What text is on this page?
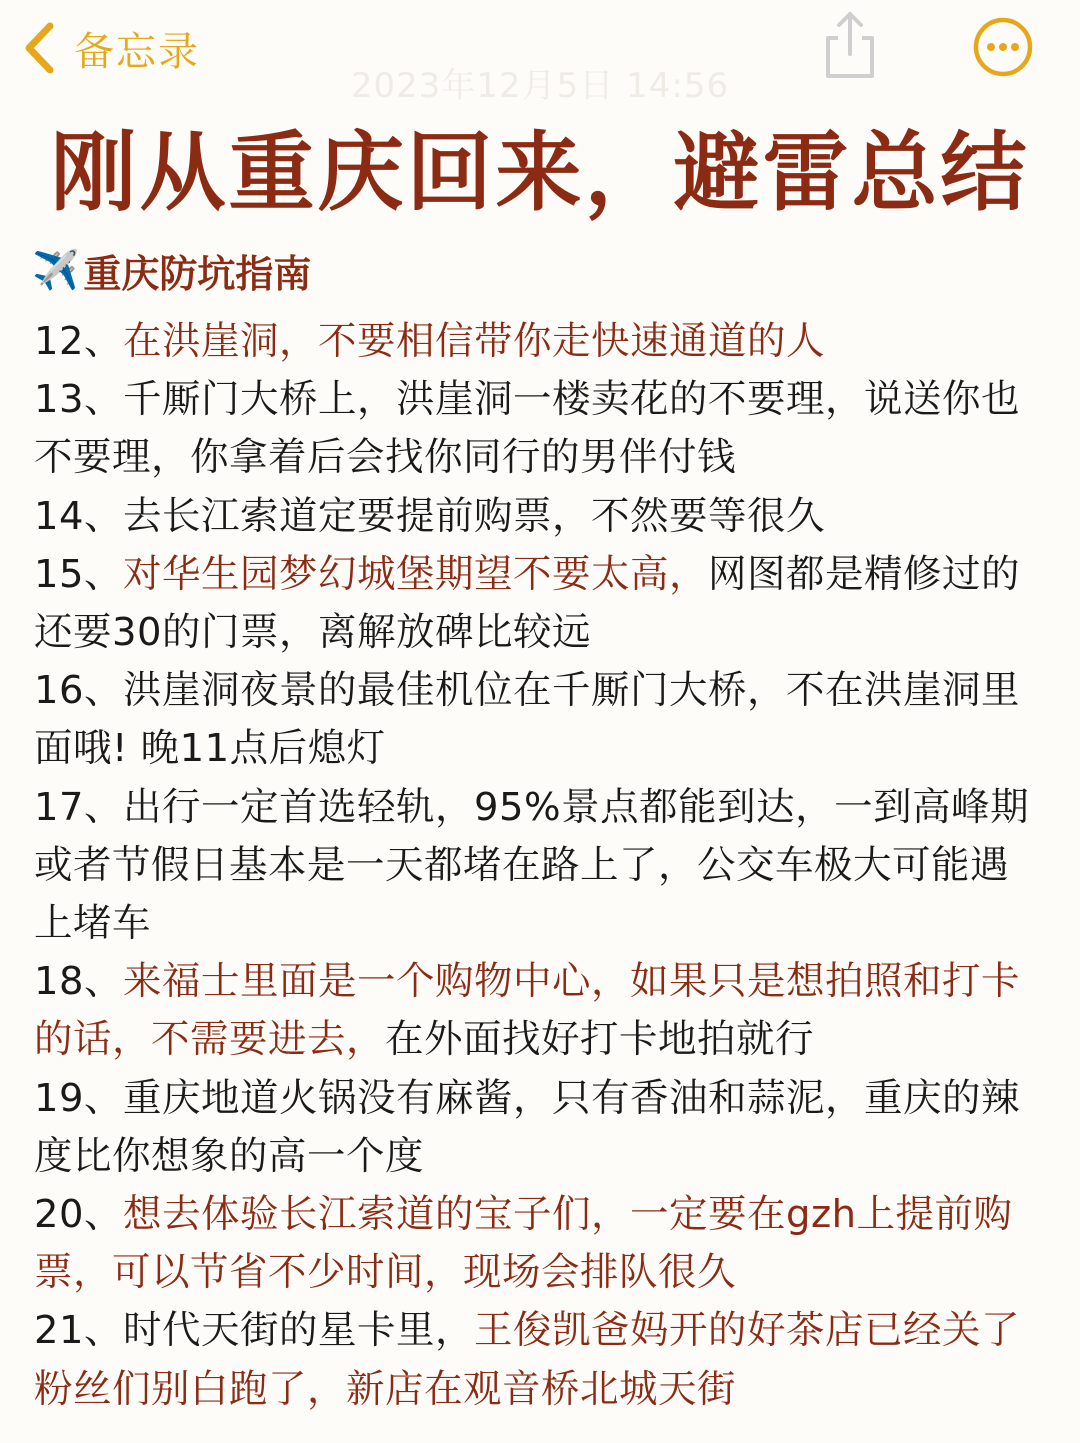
备忘录
2023年12月5日 14:56
刚从重庆回来，避雷总结
✈️ 重庆防坑指南

12、在洪崖洞，不要相信带你走快速通道的人

13、千厮门大桥上，洪崖洞一楼卖花的不要理，说送你也不要理，你拿着后会找你同行的男伴付钱

14、去长江索道定要提前购票，不然要等很久

15、对华生园梦幻城堡期望不要太高，网图都是精修过的还要30的门票，离解放碑比较远

16、洪崖洞夜景的最佳机位在千厮门大桥，不在洪崖洞里面哦! 晚11点后熄灯

17、出行一定首选轻轨，95%景点都能到达，一到高峰期或者节假日基本是一天都堵在路上了，公交车极大可能遇上堵车

18、来福士里面是一个购物中心，如果只是想拍照和打卡的话，不需要进去，在外面找好打卡地拍就行

19、重庆地道火锅没有麻酱，只有香油和蒜泥，重庆的辣度比你想象的高一个度

20、想去体验长江索道的宝子们，一定要在gzh上提前购票，可以节省不少时间，现场会排队很久

21、时代天街的星卡里，王俊凯爸妈开的好茶店已经关了粉丝们别白跑了，新店在观音桥北城天街
